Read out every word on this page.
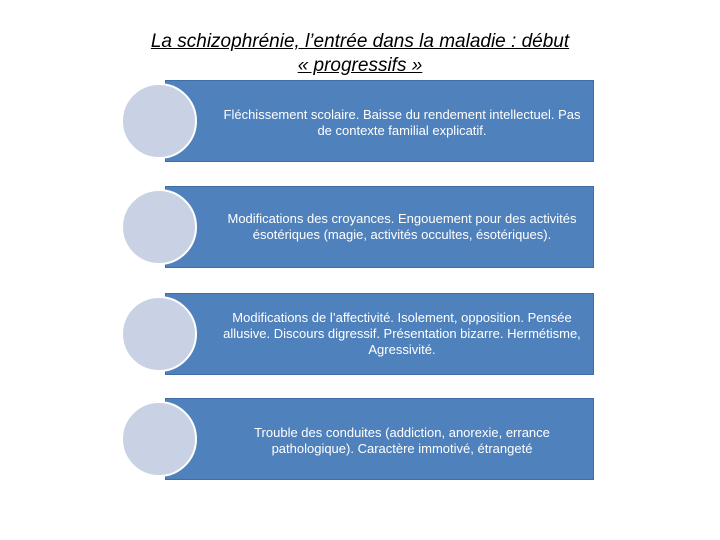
La schizophrénie, l’entrée dans la maladie : début
« progressifs »
Fléchissement scolaire. Baisse du rendement intellectuel. Pas de contexte familial explicatif.
Modifications des croyances. Engouement pour des activités ésotériques (magie, activités occultes, ésotériques).
Modifications de l’affectivité. Isolement, opposition. Pensée allusive. Discours digressif. Présentation bizarre. Hermétisme, Agressivité.
Trouble des conduites (addiction, anorexie, errance pathologique). Caractère immotivé, étrangeté
